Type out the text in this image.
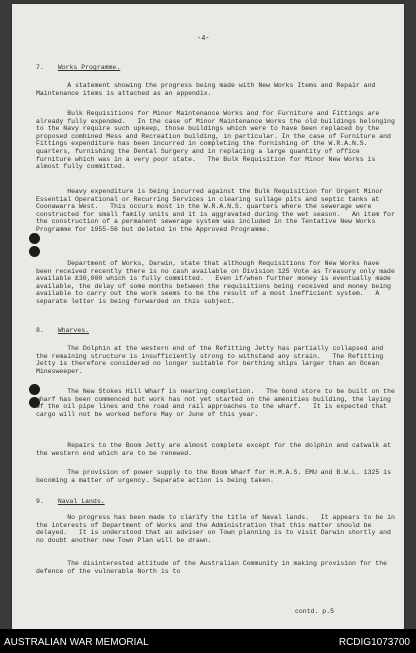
-4-
7. Works Programme.
A statement showing the progress being made with New Works Items and Repair and Maintenance items is attached as an appendix.
Bulk Requisitions for Minor Maintenance Works and for Furniture and Fittings are already fully expended.   In the case of Minor Maintenance Works the old buildings belonging to the Navy require such upkeep, those buildings which were to have been replaced by the proposed combined Mess and Recreation building, in particular. In the case of Furniture and Fittings expenditure has been incurred in completing the furnishing of the W.R.A.N.S. quarters, furnishing the Dental Surgery and in replacing a large quantity of office furniture which was in a very poor state.   The Bulk Requisition for Minor New Works is almost fully committed.
Heavy expenditure is being incurred against the Bulk Requisition for Urgent Minor Essential Operational or Recurring Services in clearing sullage pits and septic tanks at Coonawarra West.   This occurs most in the W.R.A.N.S. quarters where the sewerage were constructed for small family units and it is aggravated during the wet season.   An item for the construction of a permanent sewerage system was included in the Tentative New Works Programme for 1955-56 but deleted in the Approved Programme.
Department of Works, Darwin, state that although Requisitions for New Works have been received recently there is no cash available on Division 125 Vote as Treasury only made available £30,000 which is fully committed.   Even if/when further money is eventually made available, the delay of some months between the requisitions being received and money being available to carry out the work seems to be the result of a most inefficient system.   A separate letter is being forwarded on this subject.
8. Wharves.
The Dolphin at the western end of the Refitting Jetty has partially collapsed and the remaining structure is insufficiently strong to withstand any strain.   The Refitting Jetty is therefore considered no longer suitable for berthing ships larger than an Ocean Minesweeper.
The New Stokes Hill Wharf is nearing completion.   The bond store to be built on the wharf has been commenced but work has not yet started on the amenities building, the laying of the oil pipe lines and the road and rail approaches to the wharf.   It is expected that cargo will not be worked before May or June of this year.
Repairs to the Boom Jetty are almost complete except for the dolphin and catwalk at the western end which are to be renewed.
The provision of power supply to the Boom Wharf for H.M.A.S. EMU and B.W.L. 1325 is becoming a matter of urgency. Separate action is being taken.
9. Naval Lands.
No progress has been made to clarify the title of Naval lands.   It appears to be in the interests of Department of Works and the Administration that this matter should be delayed.   It is understood that an adviser on Town planning is to visit Darwin shortly and no doubt another new Town Plan will be drawn.
The disinterested attitude of the Australian Community in making provision for the defence of the vulnerable North is to
contd. p.5
AUSTRALIAN WAR MEMORIAL	RCDIG1073700
